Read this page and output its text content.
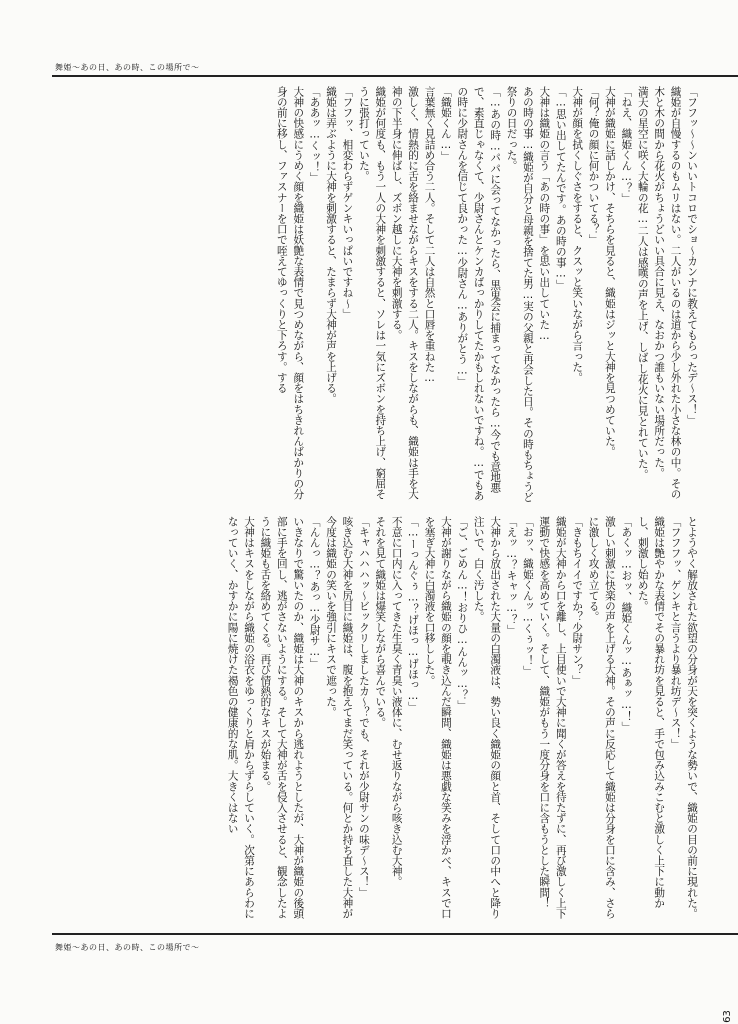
舞姫〜あの日、あの時、この場所で〜

「フフッ〜〜ンいいトコロでショ〜カンナに教えてもらったデ〜ス！」

織姫が自慢するのもムリはない。二人がいるのは道から少し外れた小さな林の中。その木と木の間から花火がちょうどいい具合に見え、なおかつ誰もいない場所だった。

満天の星空に咲く大輪の花…二人は感嘆の声を上げ、しばし花火に見とれていた。

「ねえ、織姫くん…？」

大神が織姫に話しかけ、そちらを見ると、織姫はジッと大神を見つめていた。

「何？俺の顔に何かついてる？」

大神が顔を拭くしぐさをすると、クスッと笑いながら言った。

「…思い出してたんです。あの時の事…」

大神は織姫の言う「あの時の事」を思い出していた…

あの時の事…織姫が自分と母親を捨てた男…実の父親と再会した日。その時もちょうど祭りの日だった。

「…あの時…パパに会ってなかったら、黒鬼会に捕まってなかったら…今でも意地悪で、素直じゃなくて、少尉さんとケンカばっかりしてたかもしれないですね。…でもあの時に少尉さんを信じて良かった…少尉さん…ありがとう…」

「織姫くん…」

言葉無く見詰め合う二人。そして二人は自然と口唇を重ねた…

激しく、情熱的に舌を絡ませながらキスをする二人。キスをしながらも、織姫は手を大神の下半身に伸ばし、ズボン越しに大神を刺激する。

織姫が何度も、もう一人の大神を刺激すると、ソレは一気にズボンを持ち上げ、窮屈そうに張打っていた。

「フフッ、相変わらずゲンキいっぱいですね〜」

織姫は弄ぶように大神を刺激すると、たまらず大神が声を上げる。

「ああッ…くッ！」

大神の快感にうめく顔を織姫は妖艶な表情で見つめながら、顔をはちきれんばかりの分身の前に移し、ファスナーを口で咥えてゆっくりと下ろす。する

とようやく解放された欲望の分身が天を突くような勢いで、織姫の目の前に現れた。「フフフッ、ゲンキと言うより暴れ坊デ〜ス！」

織姫は艶やかな表情でその暴れ坊を見ると、手で包み込みこむと激しく上下に動かし、刺激し始めた。

「あくッ…おッ、織姫くんッ…あぁッ…！」

激しい刺激に快楽の声を上げる大神。その声に反応して織姫は分身を口に含み、さらに激しく攻め立てる。

「きもちイイですか？少尉サン？」

織姫が大神から口を離し、上目使いで大神に聞くが答えを待たずに、再び激しく上下運動で快感を高めていく。そして、織姫がもう一度分身を口に含もうとした瞬間！

「おッ、織姫くんッ…くぅッ！」

「えッ…？キャッ…？」

大神から放出された大量の白濁液は、勢い良く織姫の顔と首、そして口の中へと降り注いで、白く汚した。

「ご、ごめん…！おりひ…んんッ…？」

大神が謝りながら織姫の顔を覗き込んだ瞬間、織姫は悪戯な笑みを浮かべ、キスで口を塞ぎ大神に白濁液を口移しした。

「…ーっんぐぅ…？げほっ…げほっ…」

不意に口内に入ってきた生臭く青臭い液体に、むせ返りながら咳き込む大神。

それを見て織姫は爆笑しながら喜んでいる。

「キャハハハッ〜ビックリしましたカ〜？でも、それが少尉サンの味デ〜ス！」

咳き込む大神を尻目に織姫は、腹を抱えてまだ笑っている。何とか持ち直した大神が今度は織姫の笑いを強引にキスで遮った。

「んんっ…？あっ…少尉サ…」

いきなりで驚いたのか、織姫は大神のキスから逃れようとしたが、大神が織姫の後頭部に手を回し、逃がさないようにする。そして大神が舌を侵入させると、観念したように織姫も舌を絡めてくる。再び情熱的なキスが始まる。

大神はキスをしながら織姫の浴衣をゆっくりと肩からずらしていく。次第にあらわになっていく、かすかに陽に焼けた褐色の健康的な肌。大きくはない

舞姫〜あの日、あの時、この場所で〜
63
